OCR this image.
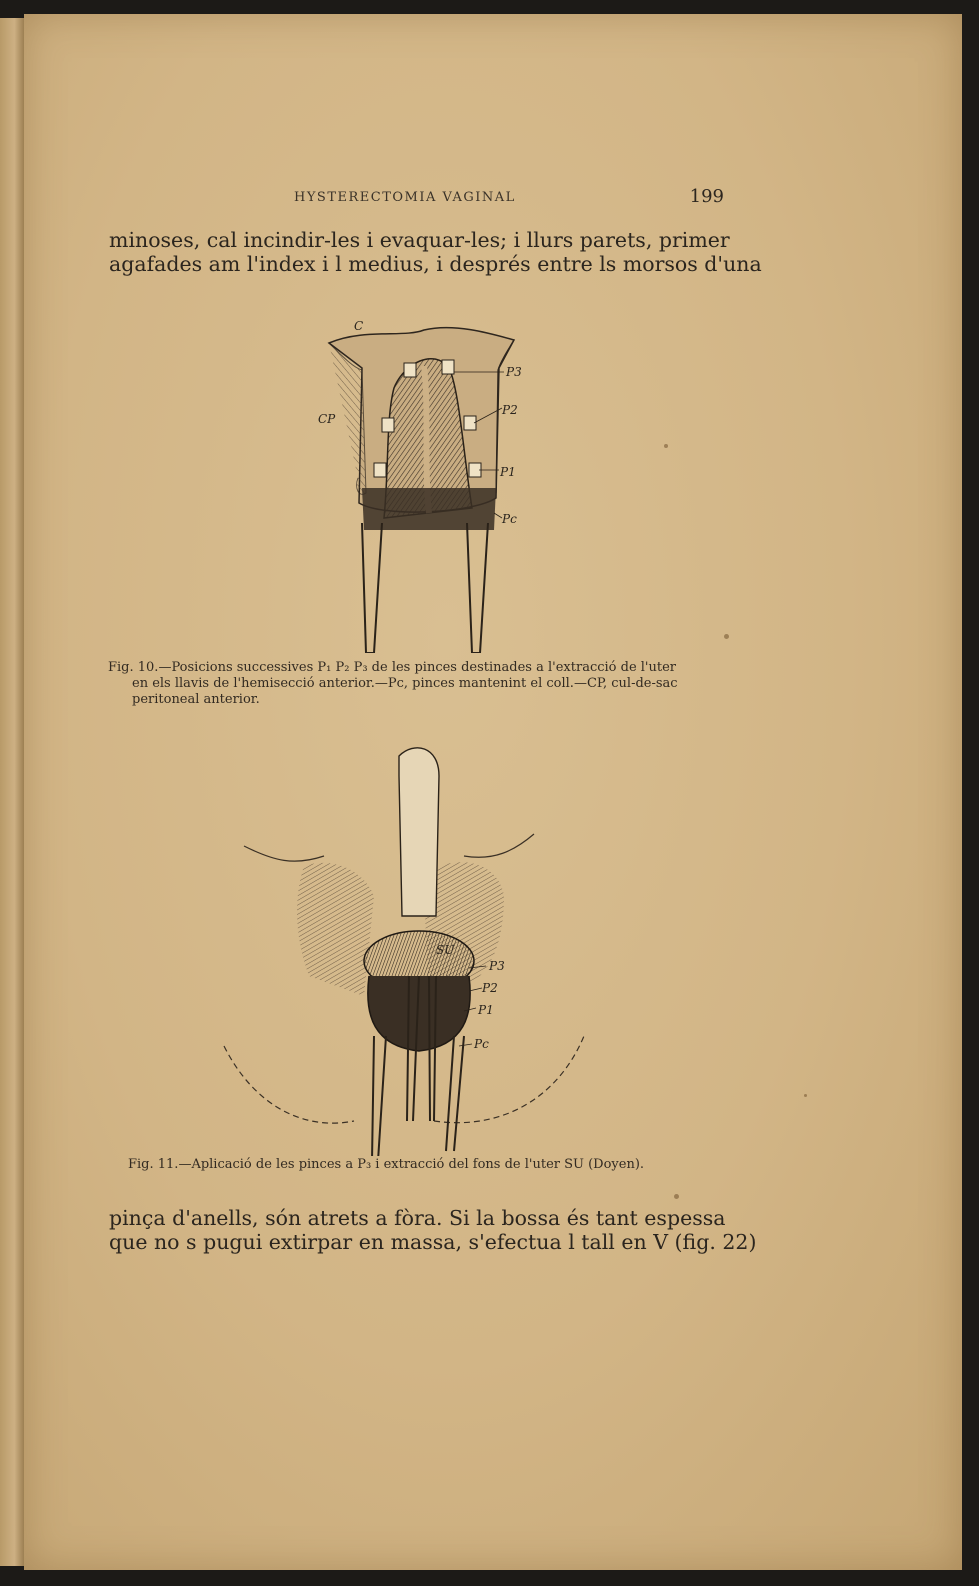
HYSTERECTOMIA VAGINAL	199
minoses, cal incindir-les i evaquar-les; i llurs parets, primer
agafades am l'index i l medius, i després entre ls morsos d'una
C
CP
P3
P2
P1
Pc
Fig. 10.—Posicions successives P₁ P₂ P₃ de les pinces destinades a l'extracció de l'uter
en els llavis de l'hemisecció anterior.—Pc, pinces mantenint el coll.—CP, cul-de-sac
peritoneal anterior.
SU
P3
P2
P1
Pc
Fig. 11.—Aplicació de les pinces a P₃ i extracció del fons de l'uter SU (Doyen).
pinça d'anells, són atrets a fòra. Si la bossa és tant espessa
que no s pugui extirpar en massa, s'efectua l tall en V (fig. 22)
